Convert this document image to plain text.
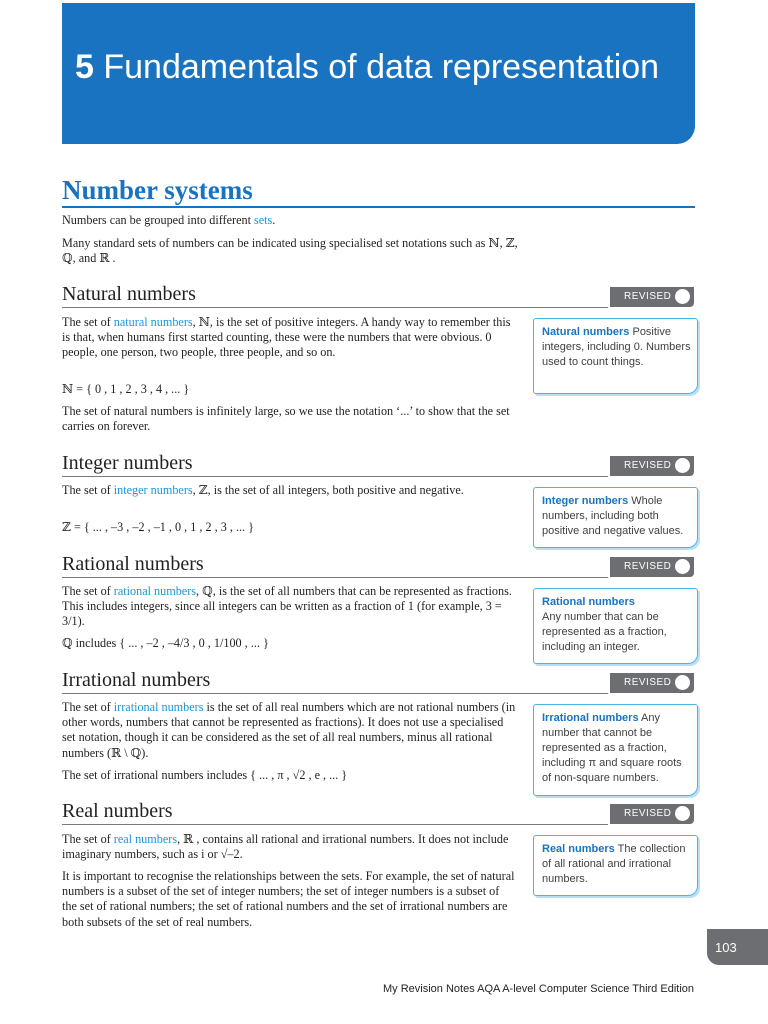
5 Fundamentals of data representation
Number systems

Numbers can be grouped into different sets.

Many standard sets of numbers can be indicated using specialised set notations such as ℕ, ℤ, ℚ, and ℝ .

Natural numbers	REVISED

The set of natural numbers, ℕ, is the set of positive integers. A handy way to remember this is that, when humans first started counting, these were the numbers that were obvious. 0 people, one person, two people, three people, and so on.

ℕ = { 0 , 1 , 2 , 3 , 4 , ... }

The set of natural numbers is infinitely large, so we use the notation ‘...’ to show that the set carries on forever.

Natural numbers Positive integers, including 0. Numbers used to count things.
Integer numbers	REVISED

The set of integer numbers, ℤ, is the set of all integers, both positive and negative.

ℤ = { ... , –3 , –2 , –1 , 0 , 1 , 2 , 3 , ... }

Integer numbers Whole numbers, including both positive and negative values.
Rational numbers	REVISED

The set of rational numbers, ℚ, is the set of all numbers that can be represented as fractions. This includes integers, since all integers can be written as a fraction of 1 (for example, 3 = 3/1).

ℚ includes { ... , –2 , –4/3 , 0 , 1/100 , ... }

Rational numbers
Any number that can be represented as a fraction, including an integer.
Irrational numbers	REVISED

The set of irrational numbers is the set of all real numbers which are not rational numbers (in other words, numbers that cannot be represented as fractions). It does not use a specialised set notation, though it can be considered as the set of all real numbers, minus all rational numbers (ℝ \ ℚ).

The set of irrational numbers includes { ... , π , √2 , e , ... }

Irrational numbers Any number that cannot be represented as a fraction, including π and square roots of non-square numbers.
Real numbers	REVISED

The set of real numbers, ℝ , contains all rational and irrational numbers. It does not include imaginary numbers, such as i or √–2.

It is important to recognise the relationships between the sets. For example, the set of natural numbers is a subset of the set of integer numbers; the set of integer numbers is a subset of the set of rational numbers; the set of rational numbers and the set of irrational numbers are both subsets of the set of real numbers.

Real numbers The collection of all rational and irrational numbers.
103
My Revision Notes AQA A-level Computer Science Third Edition
